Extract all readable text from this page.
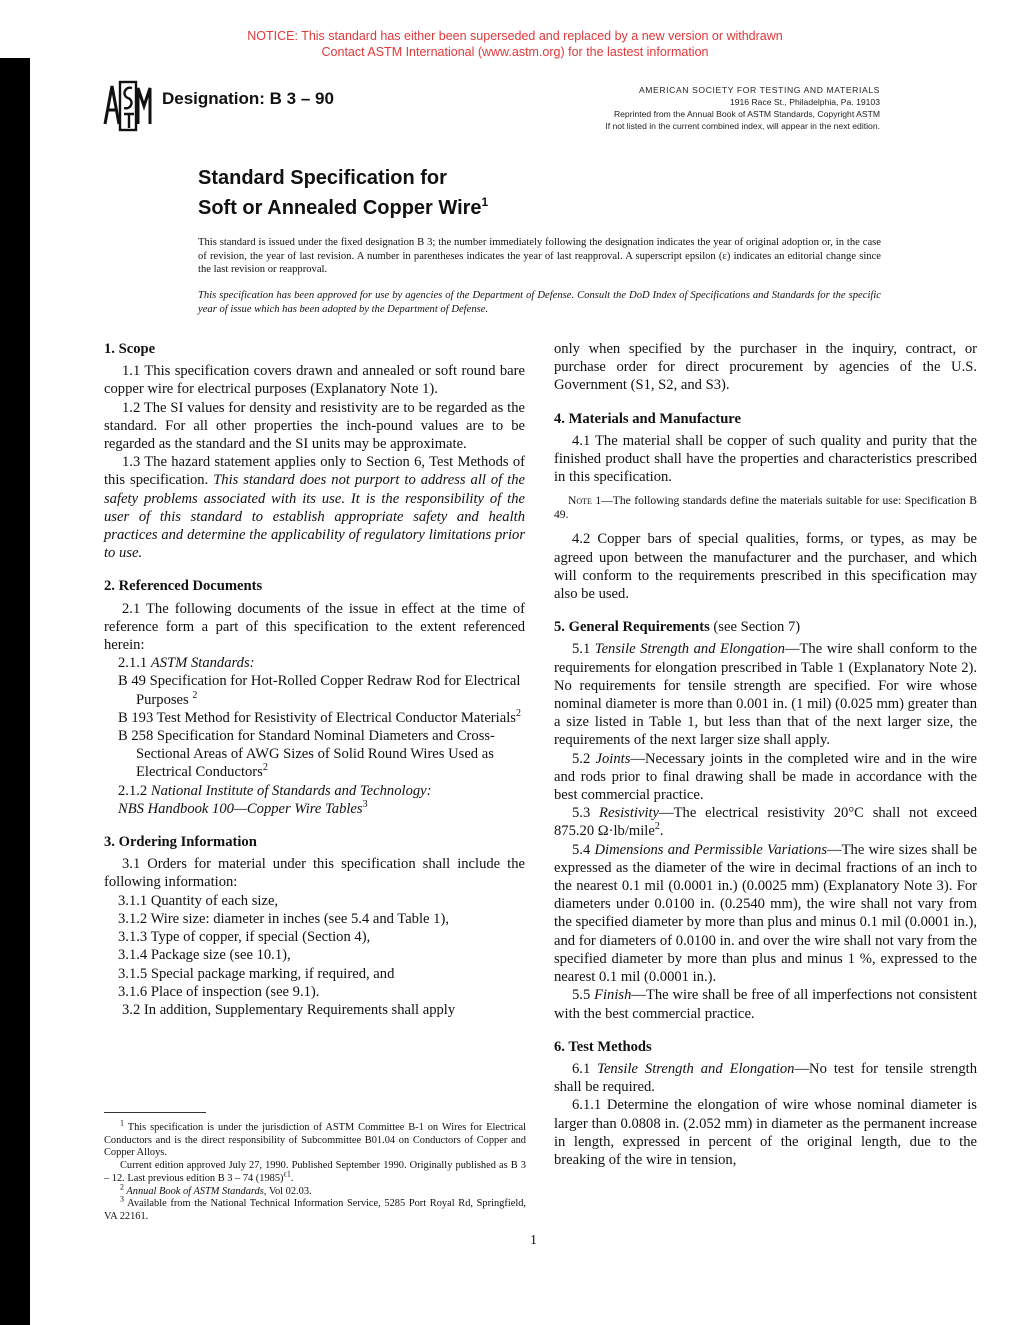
NOTICE: This standard has either been superseded and replaced by a new version or withdrawn
Contact ASTM International (www.astm.org) for the lastest information
Designation: B 3 – 90	AMERICAN SOCIETY FOR TESTING AND MATERIALS
1916 Race St., Philadelphia, Pa. 19103
Reprinted from the Annual Book of ASTM Standards, Copyright ASTM
If not listed in the current combined index, will appear in the next edition.
Standard Specification for
Soft or Annealed Copper Wire$^1$
This standard is issued under the fixed designation B 3; the number immediately following the designation indicates the year of original adoption or, in the case of revision, the year of last revision. A number in parentheses indicates the year of last reapproval. A superscript epsilon (ε) indicates an editorial change since the last revision or reapproval.
This specification has been approved for use by agencies of the Department of Defense. Consult the DoD Index of Specifications and Standards for the specific year of issue which has been adopted by the Department of Defense.

1. Scope

1.1 This specification covers drawn and annealed or soft round bare copper wire for electrical purposes (Explanatory Note 1).

1.2 The SI values for density and resistivity are to be regarded as the standard. For all other properties the inch-pound values are to be regarded as the standard and the SI units may be approximate.

1.3 The hazard statement applies only to Section 6, Test Methods of this specification. This standard does not purport to address all of the safety problems associated with its use. It is the responsibility of the user of this standard to establish appropriate safety and health practices and determine the applicability of regulatory limitations prior to use.

2. Referenced Documents

2.1 The following documents of the issue in effect at the time of reference form a part of this specification to the extent referenced herein:

2.1.1 ASTM Standards:

B 49 Specification for Hot-Rolled Copper Redraw Rod for Electrical Purposes $^2$

B 193 Test Method for Resistivity of Electrical Conductor Materials$^2$

B 258 Specification for Standard Nominal Diameters and Cross-Sectional Areas of AWG Sizes of Solid Round Wires Used as Electrical Conductors$^2$

2.1.2 National Institute of Standards and Technology:

NBS Handbook 100—Copper Wire Tables$^3$

3. Ordering Information

3.1 Orders for material under this specification shall include the following information:

3.1.1 Quantity of each size,

3.1.2 Wire size: diameter in inches (see 5.4 and Table 1),

3.1.3 Type of copper, if special (Section 4),

3.1.4 Package size (see 10.1),

3.1.5 Special package marking, if required, and

3.1.6 Place of inspection (see 9.1).

3.2 In addition, Supplementary Requirements shall apply

$^1$ This specification is under the jurisdiction of ASTM Committee B-1 on Wires for Electrical Conductors and is the direct responsibility of Subcommittee B01.04 on Conductors of Copper and Copper Alloys.

Current edition approved July 27, 1990. Published September 1990. Originally published as B 3 – 12. Last previous edition B 3 – 74 $(1985)^{\varepsilon 1}$.

$^2$ Annual Book of ASTM Standards, Vol 02.03.

$^3$ Available from the National Technical Information Service, 5285 Port Royal Rd, Springfield, VA 22161.

only when specified by the purchaser in the inquiry, contract, or purchase order for direct procurement by agencies of the U.S. Government (S1, S2, and S3).

4. Materials and Manufacture

4.1 The material shall be copper of such quality and purity that the finished product shall have the properties and characteristics prescribed in this specification.

Note 1—The following standards define the materials suitable for use: Specification B 49.

4.2 Copper bars of special qualities, forms, or types, as may be agreed upon between the manufacturer and the purchaser, and which will conform to the requirements prescribed in this specification may also be used.

5. General Requirements (see Section 7)

5.1 Tensile Strength and Elongation—The wire shall conform to the requirements for elongation prescribed in Table 1 (Explanatory Note 2). No requirements for tensile strength are specified. For wire whose nominal diameter is more than 0.001 in. (1 mil) (0.025 mm) greater than a size listed in Table 1, but less than that of the next larger size, the requirements of the next larger size shall apply.

5.2 Joints—Necessary joints in the completed wire and in the wire and rods prior to final drawing shall be made in accordance with the best commercial practice.

5.3 Resistivity—The electrical resistivity 20°C shall not exceed 875.20 Ω·lb/mile$^2$.

5.4 Dimensions and Permissible Variations—The wire sizes shall be expressed as the diameter of the wire in decimal fractions of an inch to the nearest 0.1 mil (0.0001 in.) (0.0025 mm) (Explanatory Note 3). For diameters under 0.0100 in. (0.2540 mm), the wire shall not vary from the specified diameter by more than plus and minus 0.1 mil (0.0001 in.), and for diameters of 0.0100 in. and over the wire shall not vary from the specified diameter by more than plus and minus 1 %, expressed to the nearest 0.1 mil (0.0001 in.).

5.5 Finish—The wire shall be free of all imperfections not consistent with the best commercial practice.

6. Test Methods

6.1 Tensile Strength and Elongation—No test for tensile strength shall be required.

6.1.1 Determine the elongation of wire whose nominal diameter is larger than 0.0808 in. (2.052 mm) in diameter as the permanent increase in length, expressed in percent of the original length, due to the breaking of the wire in tension,

1
